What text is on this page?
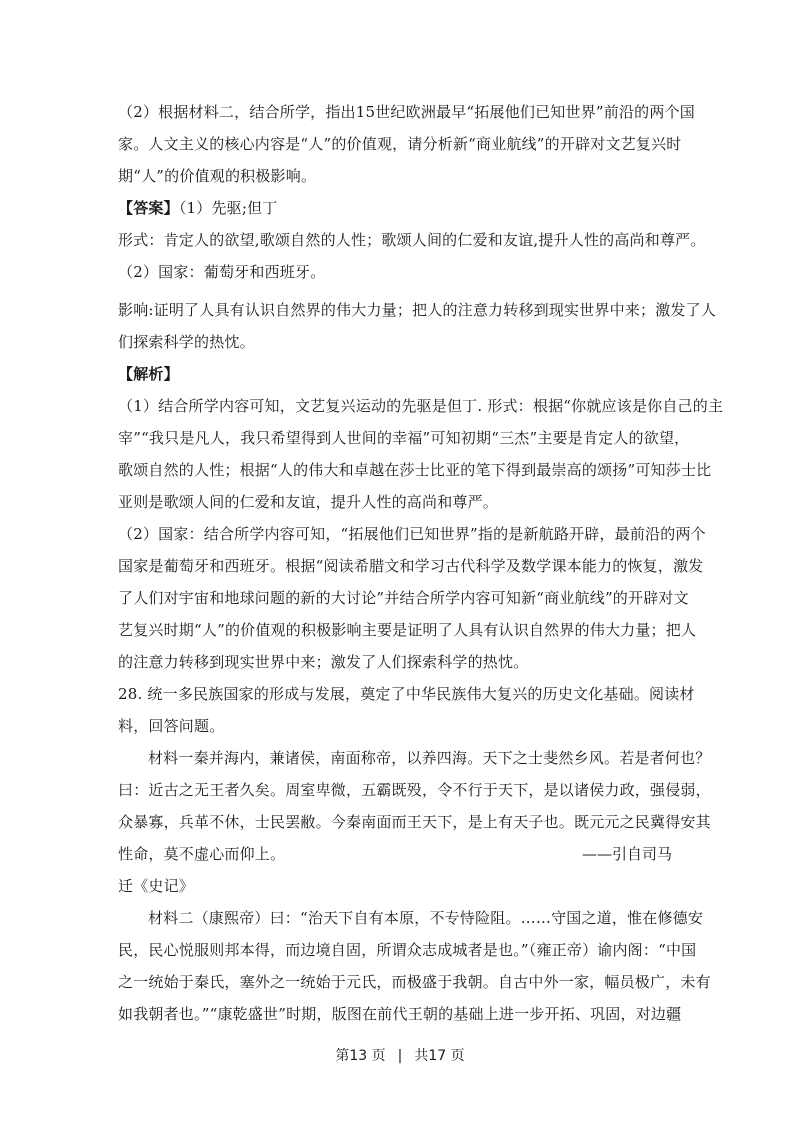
（2）根据材料二，结合所学，指出15世纪欧洲最早“拓展他们已知世界”前沿的两个国
家。人文主义的核心内容是“人”的价值观，请分析新“商业航线”的开辟对文艺复兴时
期“人”的价值观的积极影响。
【答案】（1）先驱;但丁
形式：肯定人的欲望,歌颂自然的人性；歌颂人间的仁爱和友谊,提升人性的高尚和尊严。
（2）国家：葡萄牙和西班牙。
影响:证明了人具有认识自然界的伟大力量；把人的注意力转移到现实世界中来；激发了人
们探索科学的热忱。
【解析】
（1）结合所学内容可知，文艺复兴运动的先驱是但丁. 形式：根据“你就应该是你自己的主
宰”“我只是凡人，我只希望得到人世间的幸福”可知初期“三杰”主要是肯定人的欲望，
歌颂自然的人性；根据“人的伟大和卓越在莎士比亚的笔下得到最崇高的颂扬”可知莎士比
亚则是歌颂人间的仁爱和友谊，提升人性的高尚和尊严。
（2）国家：结合所学内容可知，“拓展他们已知世界”指的是新航路开辟，最前沿的两个
国家是葡萄牙和西班牙。根据“阅读希腊文和学习古代科学及数学课本能力的恢复，激发
了人们对宇宙和地球问题的新的大讨论”并结合所学内容可知新“商业航线”的开辟对文
艺复兴时期“人”的价值观的积极影响主要是证明了人具有认识自然界的伟大力量；把人
的注意力转移到现实世界中来；激发了人们探索科学的热忱。
28. 统一多民族国家的形成与发展，奠定了中华民族伟大复兴的历史文化基础。阅读材
料，回答问题。
材料一秦并海内，兼诸侯，南面称帝，以养四海。天下之士斐然乡风。若是者何也？
曰：近古之无王者久矣。周室卑微，五霸既殁，令不行于天下，是以诸侯力政，强侵弱，
众暴寡，兵革不休，士民罢敝。今秦南面而王天下，是上有天子也。既元元之民冀得安其
性命，莫不虚心而仰上。	——引自司马
迁《史记》
材料二（康熙帝）曰：“治天下自有本原，不专恃险阻。……守国之道，惟在修德安
民，民心悦服则邦本得，而边境自固，所谓众志成城者是也。”（雍正帝）谕内阁：“中国
之一统始于秦氏，塞外之一统始于元氏，而极盛于我朝。自古中外一家，幅员极广，未有
如我朝者也。”“康乾盛世”时期，版图在前代王朝的基础上进一步开拓、巩固，对边疆
第13 页 | 共17 页
